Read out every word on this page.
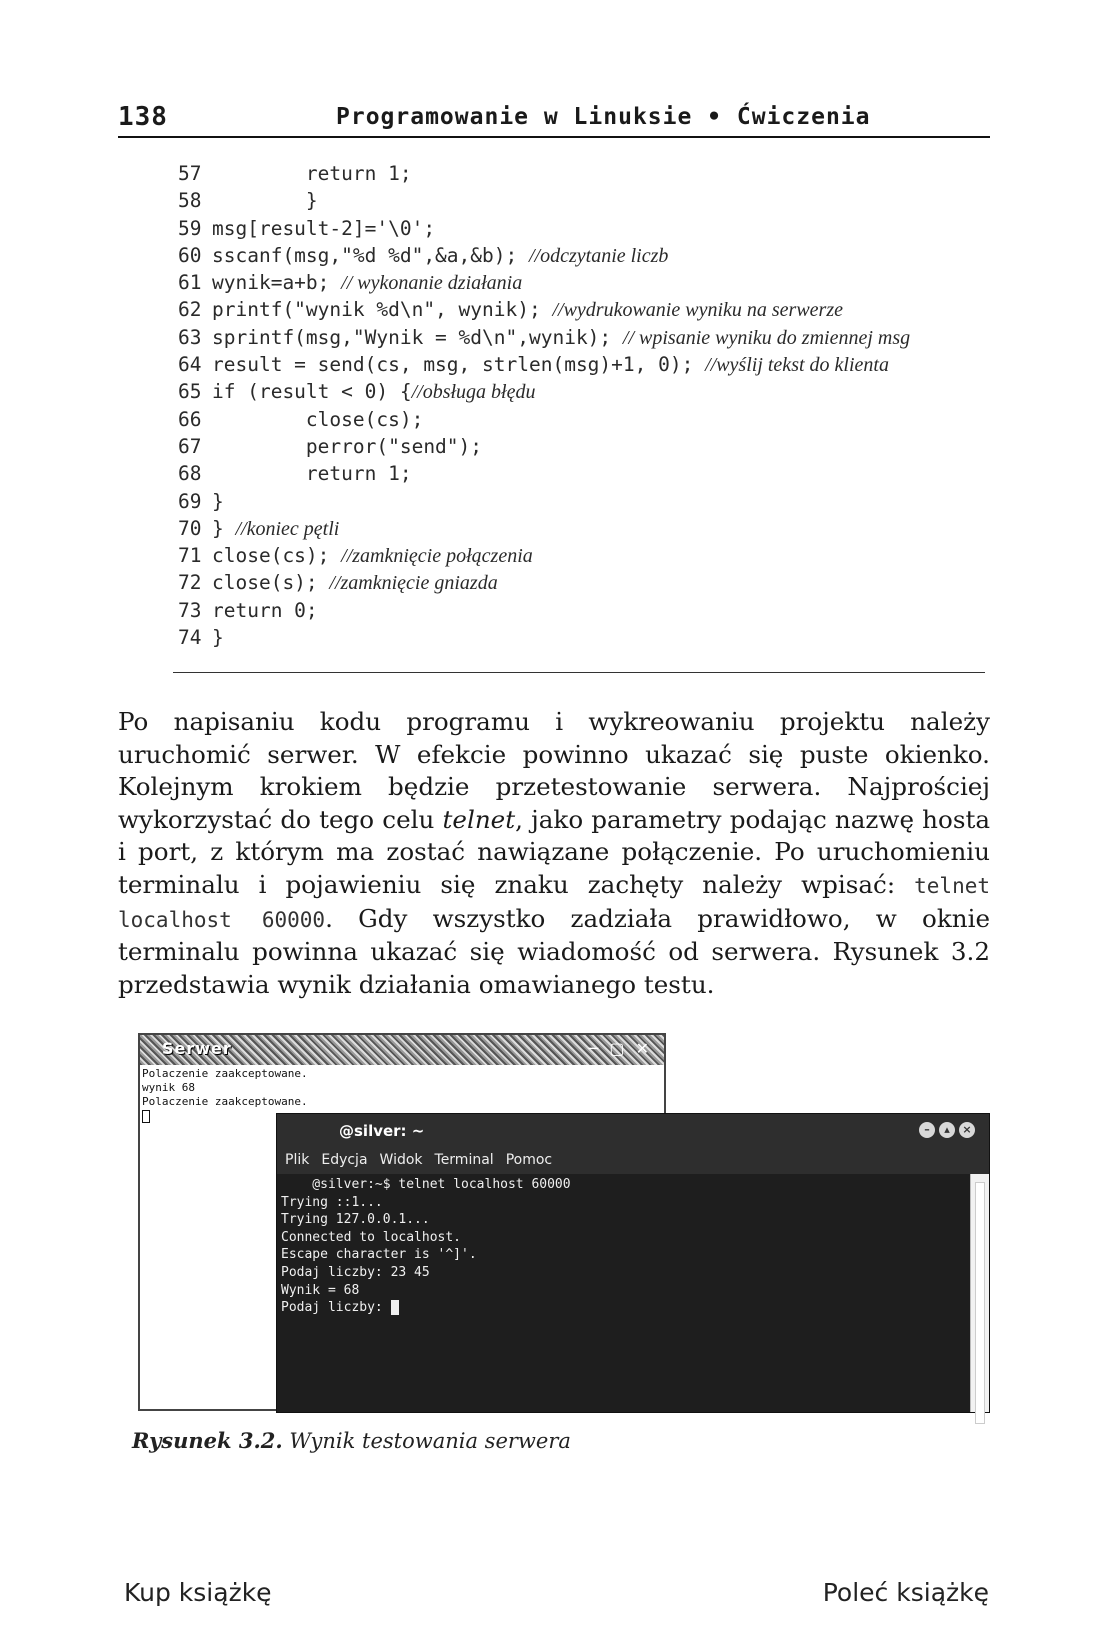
138	Programowanie w Linuksie • Ćwiczenia
57        return 1;
58        }
59 msg[result-2]='\0';
60 sscanf(msg,"%d %d",&a,&b); //odczytanie liczb
61 wynik=a+b; // wykonanie działania
62 printf("wynik %d\n", wynik); //wydrukowanie wyniku na serwerze
63 sprintf(msg,"Wynik = %d\n",wynik); // wpisanie wyniku do zmiennej msg
64 result = send(cs, msg, strlen(msg)+1, 0); //wyślij tekst do klienta
65 if (result < 0) {//obsługa błędu
66        close(cs);
67        perror("send");
68        return 1;
69 }
70 } //koniec pętli
71 close(cs); //zamknięcie połączenia
72 close(s); //zamknięcie gniazda
73 return 0;
74 }

Po napisaniu kodu programu i wykreowaniu projektu należy uruchomić serwer. W efekcie powinno ukazać się puste okienko. Kolejnym krokiem będzie przetestowanie serwera. Najprościej wykorzystać do tego celu telnet, jako parametry podając nazwę hosta i port, z którym ma zostać nawiązane połączenie. Po uruchomieniu terminalu i pojawieniu się znaku zachęty należy wpisać: telnet localhost 60000. Gdy wszystko zadziała prawidłowo, w oknie terminalu powinna ukazać się wiadomość od serwera. Rysunek 3.2 przedstawia wynik działania omawianego testu.

Serwer	─ ▢ ✕
Polaczenie zaakceptowane.
wynik 68
Polaczenie zaakceptowane.
@silver: ~	–	▴	×
Plik Edycja Widok Terminal Pomoc
@silver:~$ telnet localhost 60000
Trying ::1...
Trying 127.0.0.1...
Connected to localhost.
Escape character is '^]'.
Podaj liczby: 23 45
Wynik = 68
Podaj liczby:
Rysunek 3.2. Wynik testowania serwera
Kup książkę	Poleć książkę
